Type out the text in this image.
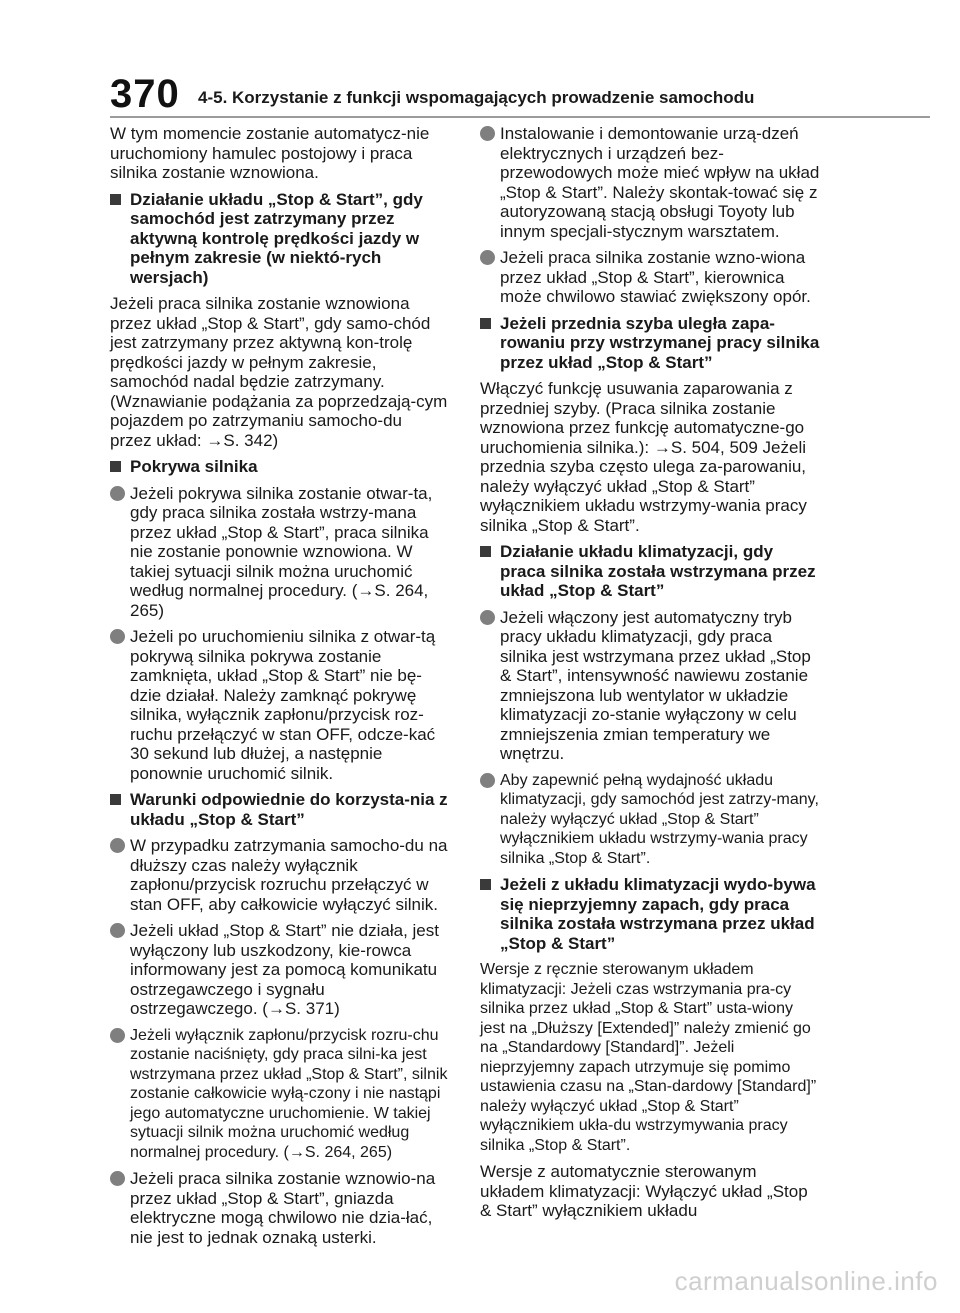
370 4-5. Korzystanie z funkcji wspomagających prowadzenie samochodu

W tym momencie zostanie automatycz-nie uruchomiony hamulec postojowy i praca silnika zostanie wznowiona.

Działanie układu „Stop & Start”, gdy samochód jest zatrzymany przez aktywną kontrolę prędkości jazdy w pełnym zakresie (w niektó-rych wersjach)

Jeżeli praca silnika zostanie wznowiona przez układ „Stop & Start”, gdy samo-chód jest zatrzymany przez aktywną kon-trolę prędkości jazdy w pełnym zakresie, samochód nadal będzie zatrzymany. (Wznawianie podążania za poprzedzają-cym pojazdem po zatrzymaniu samocho-du przez układ: →S. 342)

Pokrywa silnika
Jeżeli pokrywa silnika zostanie otwar-ta, gdy praca silnika została wstrzy-mana przez układ „Stop & Start”, praca silnika nie zostanie ponownie wznowiona. W takiej sytuacji silnik można uruchomić według normalnej procedury. (→S. 264, 265)
Jeżeli po uruchomieniu silnika z otwar-tą pokrywą silnika pokrywa zostanie zamknięta, układ „Stop & Start” nie bę-dzie działał. Należy zamknąć pokrywę silnika, wyłącznik zapłonu/przycisk roz-ruchu przełączyć w stan OFF, odcze-kać 30 sekund lub dłużej, a następnie ponownie uruchomić silnik.
Warunki odpowiednie do korzysta-nia z układu „Stop & Start”
W przypadku zatrzymania samocho-du na dłuższy czas należy wyłącznik zapłonu/przycisk rozruchu przełączyć w stan OFF, aby całkowicie wyłączyć silnik.
Jeżeli układ „Stop & Start” nie działa, jest wyłączony lub uszkodzony, kie-rowca informowany jest za pomocą komunikatu ostrzegawczego i sygnału ostrzegawczego. (→S. 371)
Jeżeli wyłącznik zapłonu/przycisk rozru-chu zostanie naciśnięty, gdy praca silni-ka jest wstrzymana przez układ „Stop & Start”, silnik zostanie całkowicie wyłą-czony i nie nastąpi jego automatyczne uruchomienie. W takiej sytuacji silnik można uruchomić według normalnej procedury. (→S. 264, 265)
Jeżeli praca silnika zostanie wznowio-na przez układ „Stop & Start”, gniazda elektryczne mogą chwilowo nie dzia-łać, nie jest to jednak oznaką usterki.
Instalowanie i demontowanie urzą-dzeń elektrycznych i urządzeń bez-przewodowych może mieć wpływ na układ „Stop & Start”. Należy skontak-tować się z autoryzowaną stacją obsługi Toyoty lub innym specjali-stycznym warsztatem.
Jeżeli praca silnika zostanie wzno-wiona przez układ „Stop & Start”, kierownica może chwilowo stawiać zwiększony opór.
Jeżeli przednia szyba uległa zapa-rowaniu przy wstrzymanej pracy silnika przez układ „Stop & Start”

Włączyć funkcję usuwania zaparowania z przedniej szyby. (Praca silnika zostanie wznowiona przez funkcję automatyczne-go uruchomienia silnika.): →S. 504, 509 Jeżeli przednia szyba często ulega za-parowaniu, należy wyłączyć układ „Stop & Start” wyłącznikiem układu wstrzymy-wania pracy silnika „Stop & Start”.

Działanie układu klimatyzacji, gdy praca silnika została wstrzymana przez układ „Stop & Start”
Jeżeli włączony jest automatyczny tryb pracy układu klimatyzacji, gdy praca silnika jest wstrzymana przez układ „Stop & Start”, intensywność nawiewu zostanie zmniejszona lub wentylator w układzie klimatyzacji zo-stanie wyłączony w celu zmniejszenia zmian temperatury we wnętrzu.
Aby zapewnić pełną wydajność układu klimatyzacji, gdy samochód jest zatrzy-many, należy wyłączyć układ „Stop & Start” wyłącznikiem układu wstrzymy-wania pracy silnika „Stop & Start”.
Jeżeli z układu klimatyzacji wydo-bywa się nieprzyjemny zapach, gdy praca silnika została wstrzymana przez układ „Stop & Start”

Wersje z ręcznie sterowanym układem klimatyzacji: Jeżeli czas wstrzymania pra-cy silnika przez układ „Stop & Start” usta-wiony jest na „Dłuższy [Extended]” należy zmienić go na „Standardowy [Standard]”. Jeżeli nieprzyjemny zapach utrzymuje się pomimo ustawienia czasu na „Stan-dardowy [Standard]” należy wyłączyć układ „Stop & Start” wyłącznikiem ukła-du wstrzymywania pracy silnika „Stop & Start”.

Wersje z automatycznie sterowanym układem klimatyzacji: Wyłączyć układ „Stop & Start” wyłącznikiem układu

carmanualsonline.info
